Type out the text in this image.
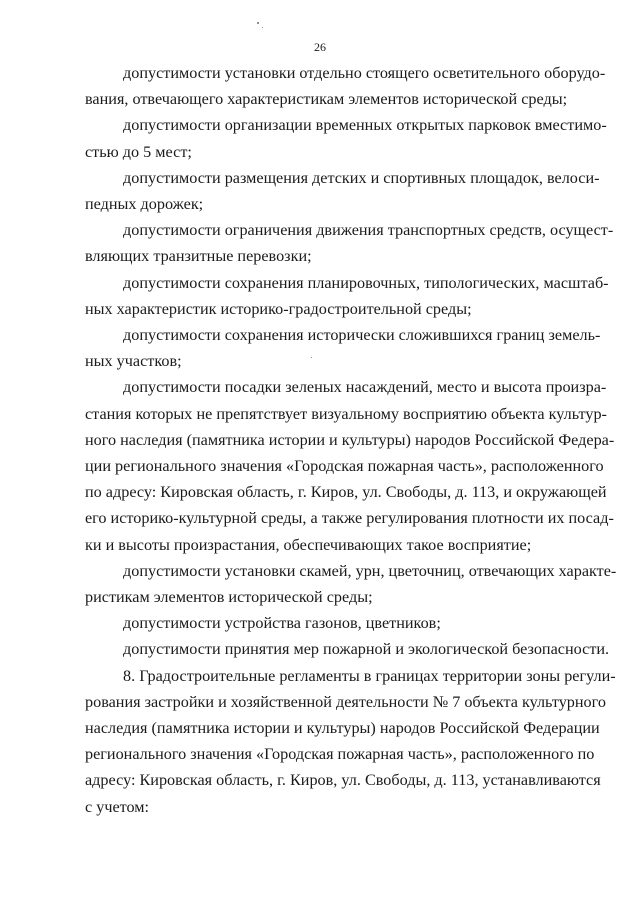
26
допустимости установки отдельно стоящего осветительного оборудо-
вания, отвечающего характеристикам элементов исторической среды;
допустимости организации временных открытых парковок вместимо-
стью до 5 мест;
допустимости размещения детских и спортивных площадок, велоси-
педных дорожек;
допустимости ограничения движения транспортных средств, осущест-
вляющих транзитные перевозки;
допустимости сохранения планировочных, типологических, масштаб-
ных характеристик историко-градостроительной среды;
допустимости сохранения исторически сложившихся границ земель-
ных участков;
допустимости посадки зеленых насаждений, место и высота произра-
стания которых не препятствует визуальному восприятию объекта культур-
ного наследия (памятника истории и культуры) народов Российской Федера-
ции регионального значения «Городская пожарная часть», расположенного
по адресу: Кировская область, г. Киров, ул. Свободы, д. 113, и окружающей
его историко-культурной среды, а также регулирования плотности их посад-
ки и высоты произрастания, обеспечивающих такое восприятие;
допустимости установки скамей, урн, цветочниц, отвечающих характе-
ристикам элементов исторической среды;
допустимости устройства газонов, цветников;
допустимости принятия мер пожарной и экологической безопасности.
8. Градостроительные регламенты в границах территории зоны регули-
рования застройки и хозяйственной деятельности № 7 объекта культурного
наследия (памятника истории и культуры) народов Российской Федерации
регионального значения «Городская пожарная часть», расположенного по
адресу: Кировская область, г. Киров, ул. Свободы, д. 113, устанавливаются
с учетом:
